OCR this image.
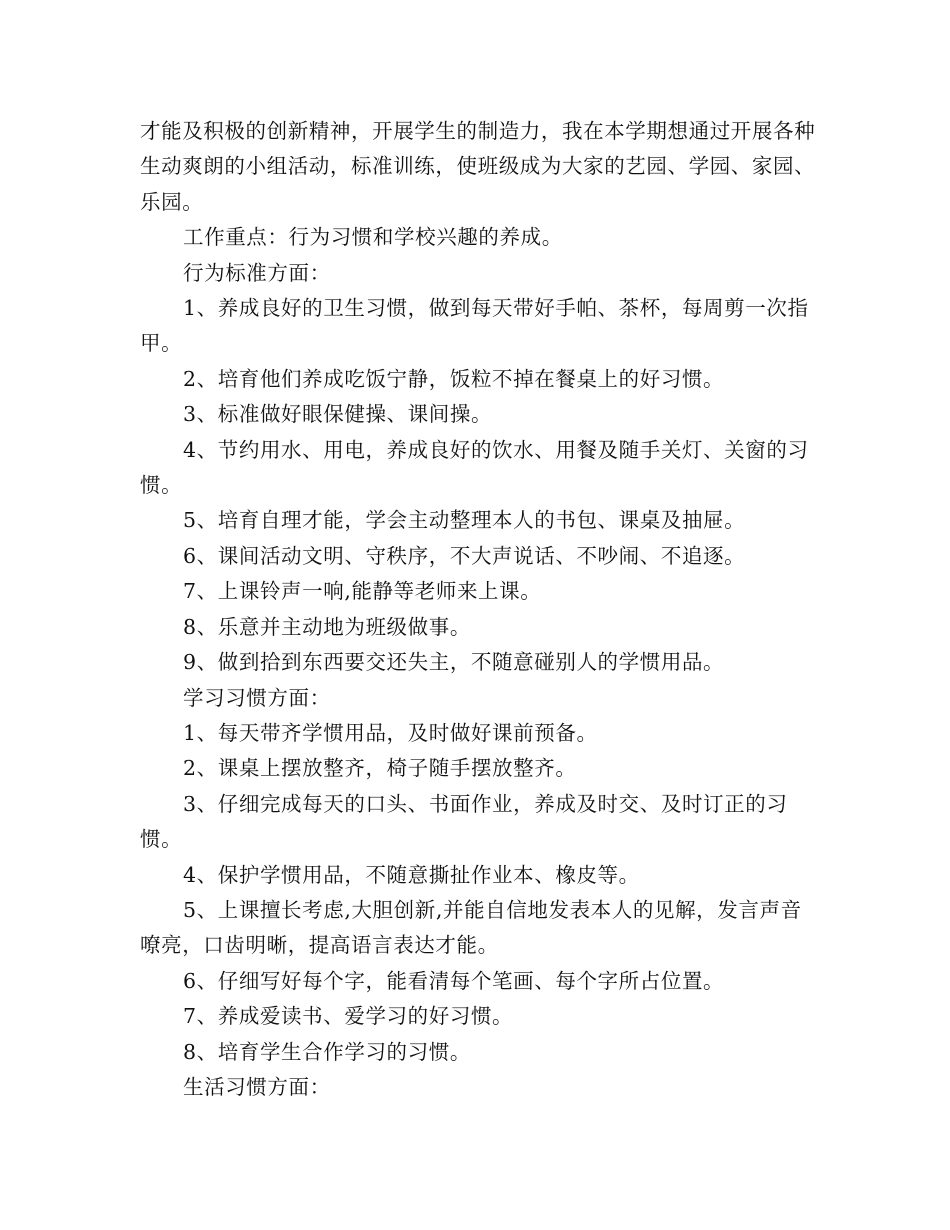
才能及积极的创新精神，开展学生的制造力，我在本学期想通过开展各种生动爽朗的小组活动，标准训练，使班级成为大家的艺园、学园、家园、乐园。

工作重点：行为习惯和学校兴趣的养成。

行为标准方面：

1、养成良好的卫生习惯，做到每天带好手帕、茶杯，每周剪一次指甲。

2、培育他们养成吃饭宁静，饭粒不掉在餐桌上的好习惯。

3、标准做好眼保健操、课间操。

4、节约用水、用电，养成良好的饮水、用餐及随手关灯、关窗的习惯。

5、培育自理才能，学会主动整理本人的书包、课桌及抽屉。

6、课间活动文明、守秩序，不大声说话、不吵闹、不追逐。

7、上课铃声一响,能静等老师来上课。

8、乐意并主动地为班级做事。

9、做到拾到东西要交还失主，不随意碰别人的学惯用品。

学习习惯方面：

1、每天带齐学惯用品，及时做好课前预备。

2、课桌上摆放整齐，椅子随手摆放整齐。

3、仔细完成每天的口头、书面作业，养成及时交、及时订正的习惯。

4、保护学惯用品，不随意撕扯作业本、橡皮等。

5、上课擅长考虑,大胆创新,并能自信地发表本人的见解，发言声音嘹亮，口齿明晰，提高语言表达才能。

6、仔细写好每个字，能看清每个笔画、每个字所占位置。

7、养成爱读书、爱学习的好习惯。

8、培育学生合作学习的习惯。

生活习惯方面：
